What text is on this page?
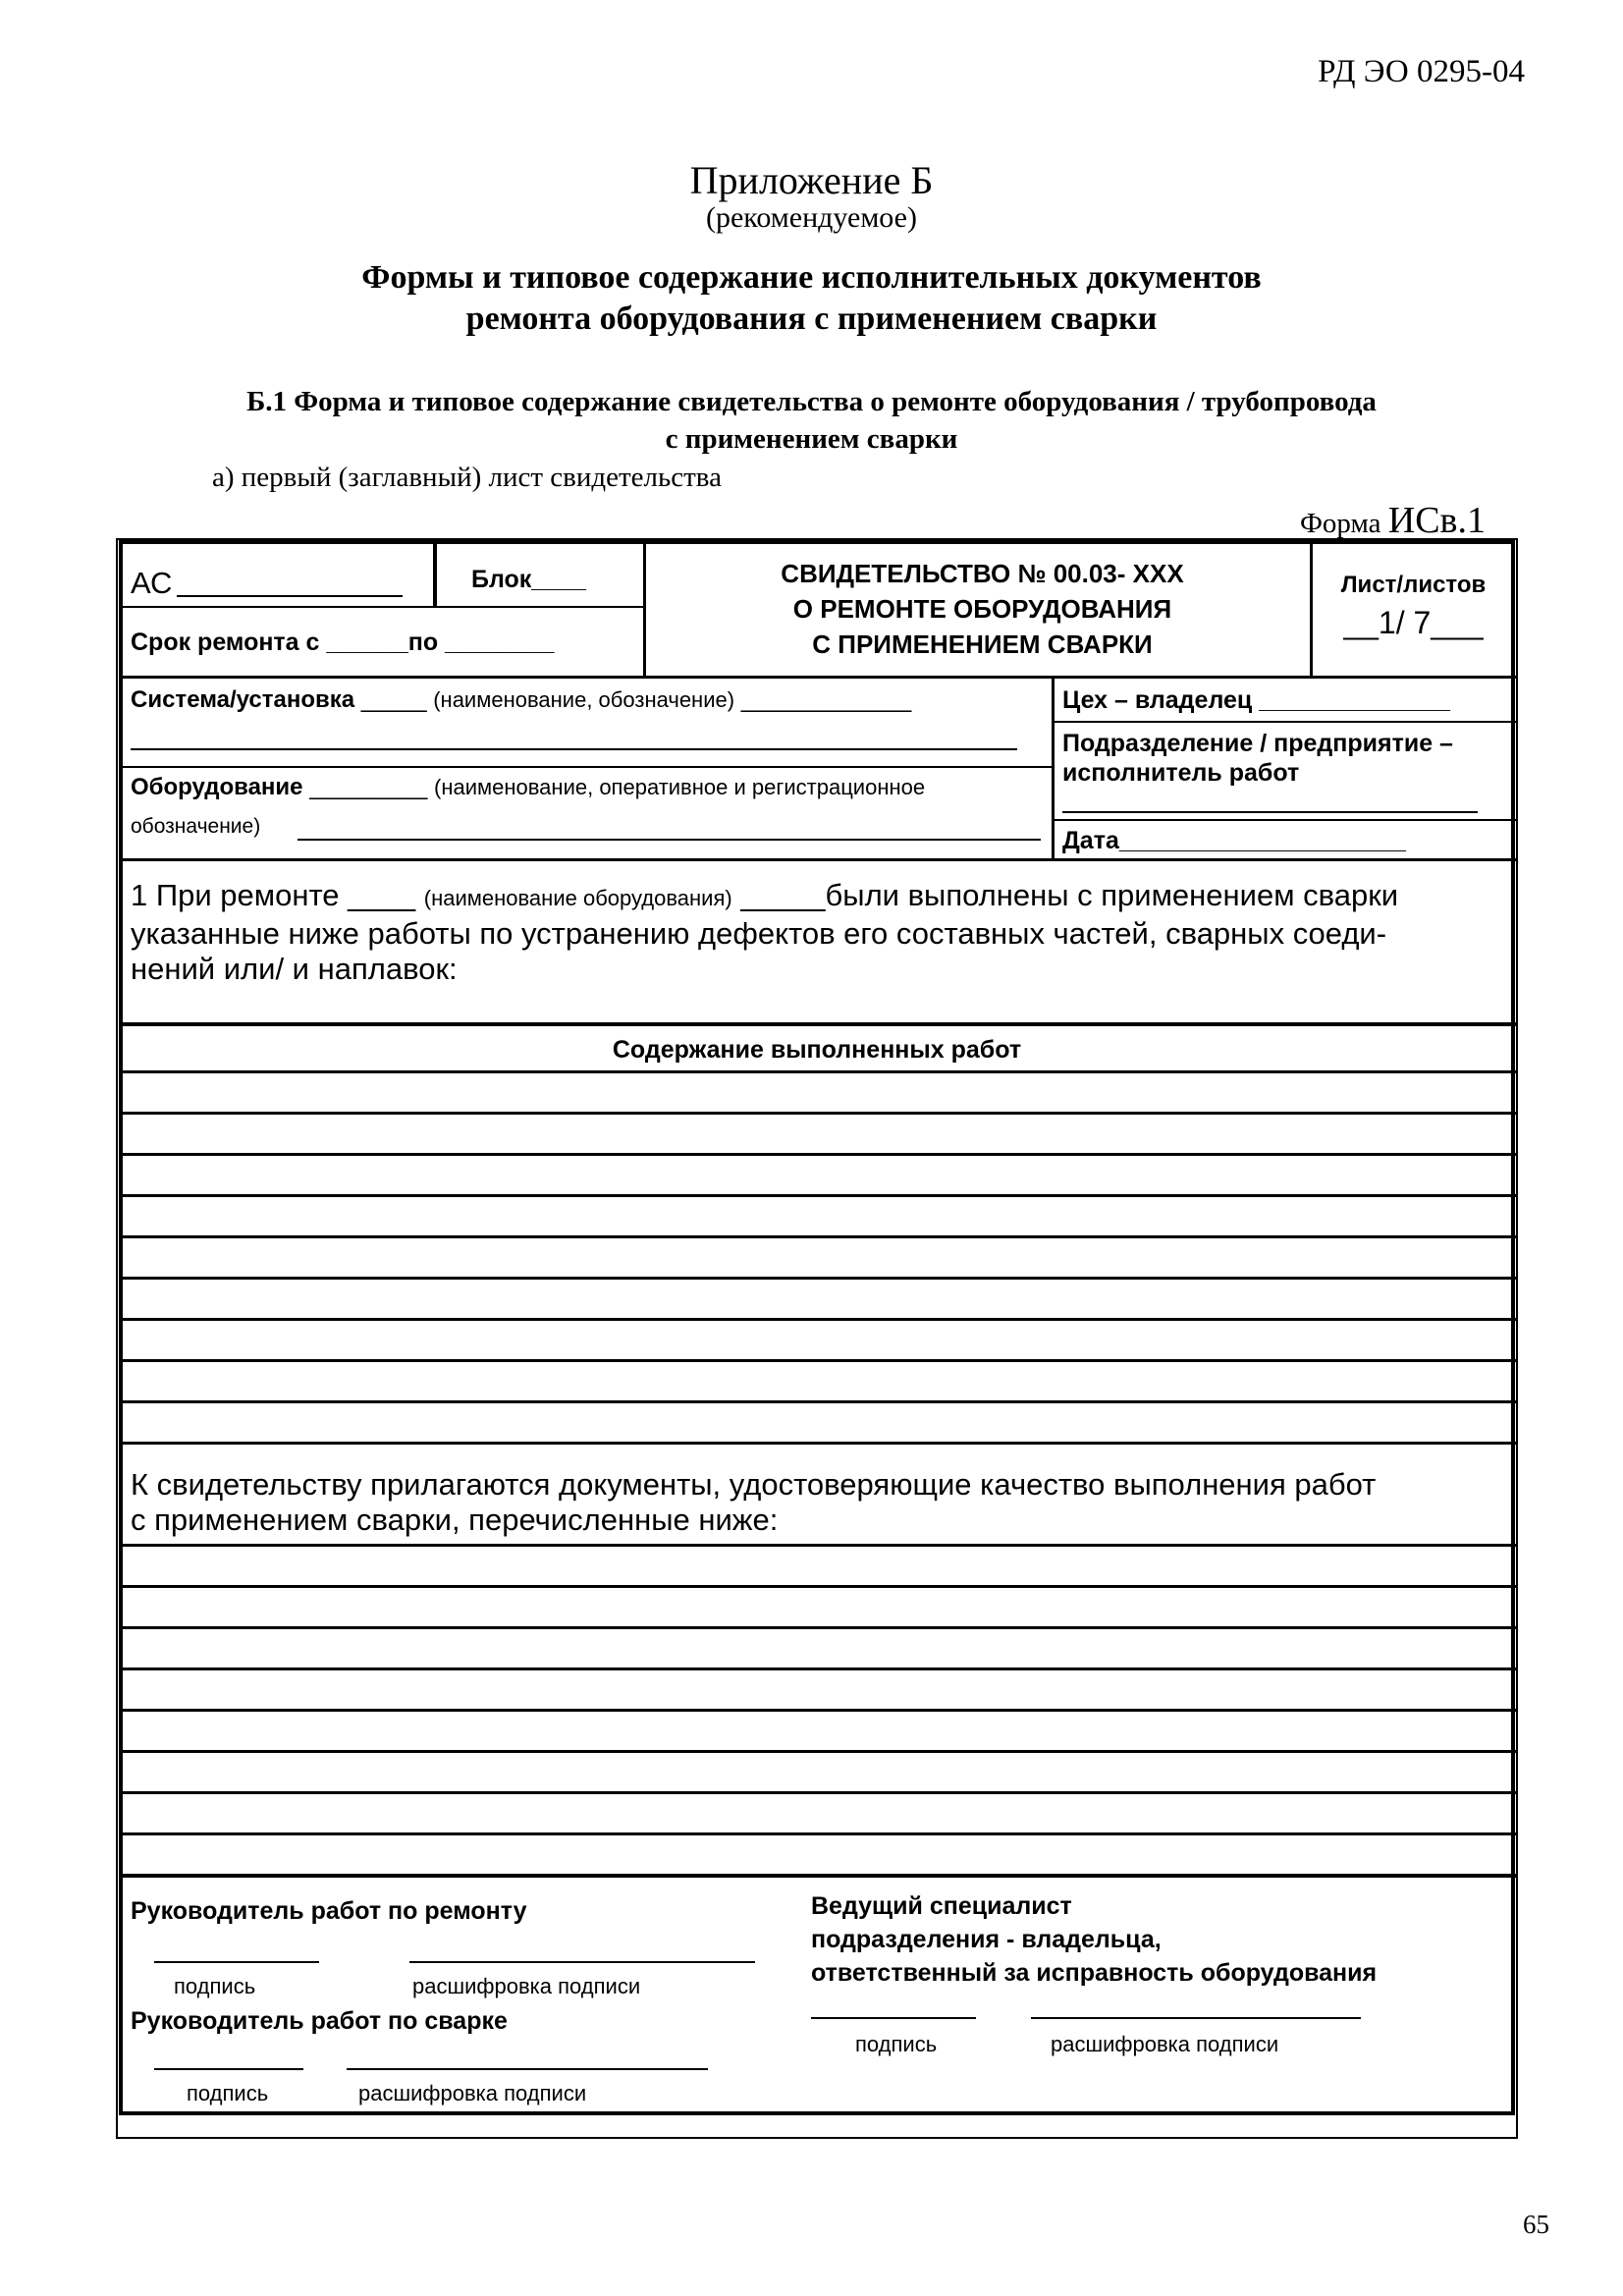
РД ЭО 0295-04
Приложение Б
(рекомендуемое)
Формы и типовое содержание исполнительных документов
ремонта оборудования с применением сварки
Б.1 Форма и типовое содержание свидетельства о ремонте оборудования / трубопровода
с применением сварки
а) первый (заглавный) лист свидетельства
Форма ИСв.1
АС	Блок____
Срок ремонта с ______по ________
СВИДЕТЕЛЬСТВО № 00.03- ХХХ
О РЕМОНТЕ ОБОРУДОВАНИЯ
С ПРИМЕНЕНИЕМ СВАРКИ
Лист/листов
__1/ 7___
Система/установка _____ (наименование, обозначение) _____________
Оборудование _________ (наименование, оперативное и регистрационное
обозначение)
Цех – владелец ______________
Подразделение / предприятие –
исполнитель работ
Дата_____________________
1 При ремонте ____ (наименование оборудования) _____были выполнены с применением сварки
указанные ниже работы по устранению дефектов его составных частей, сварных соеди-
нений или/ и наплавок:
Содержание выполненных работ
К свидетельству прилагаются документы, удостоверяющие качество выполнения работ
с применением сварки, перечисленные ниже:
Руководитель работ по ремонту
подпись	расшифровка подписи
Руководитель работ по сварке
подпись	расшифровка подписи
Ведущий специалист
подразделения - владельца,
ответственный за исправность оборудования
подпись	расшифровка подписи
65
